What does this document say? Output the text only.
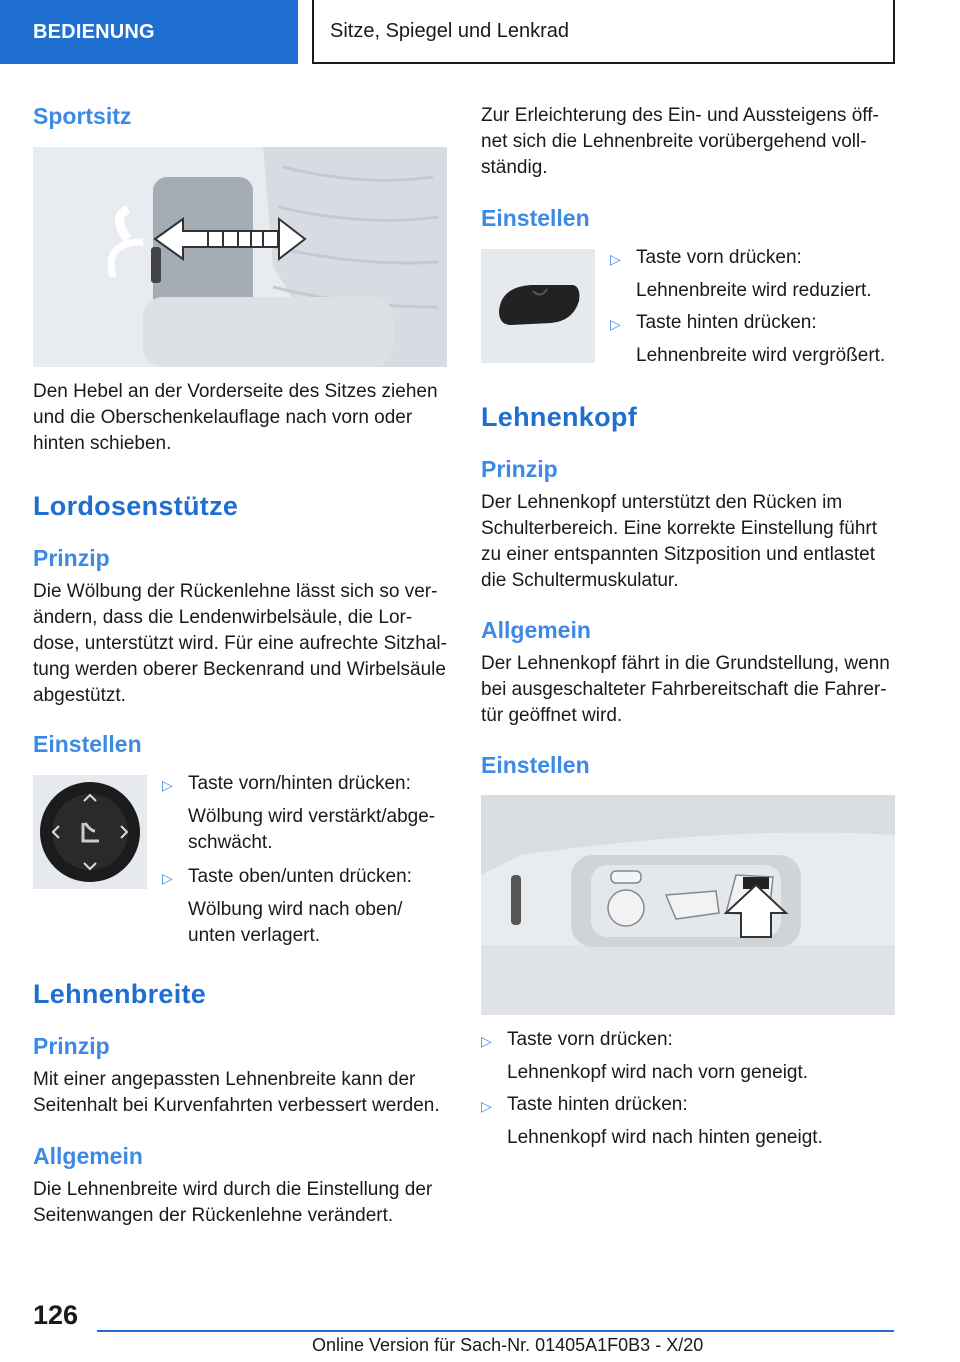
BEDIENUNG	Sitze, Spiegel und Lenkrad
Sportsitz

Den Hebel an der Vorderseite des Sitzes ziehen

und die Oberschenkelauflage nach vorn oder

hinten schieben.

Lordosenstütze
Prinzip

Die Wölbung der Rückenlehne lässt sich so ver-

ändern, dass die Lendenwirbelsäule, die Lor-

dose, unterstützt wird. Für eine aufrechte Sitzhal-

tung werden oberer Beckenrand und Wirbelsäule

abgestützt.

Einstellen
▷ Taste vorn/hinten drücken:
Wölbung wird verstärkt/abge-
schwächt.
▷ Taste oben/unten drücken:
Wölbung wird nach oben/
unten verlagert.
Lehnenbreite
Prinzip

Mit einer angepassten Lehnenbreite kann der

Seitenhalt bei Kurvenfahrten verbessert werden.

Allgemein

Die Lehnenbreite wird durch die Einstellung der

Seitenwangen der Rückenlehne verändert.

Zur Erleichterung des Ein- und Aussteigens öff-

net sich die Lehnenbreite vorübergehend voll-

ständig.

Einstellen
▷ Taste vorn drücken:
Lehnenbreite wird reduziert.
▷ Taste hinten drücken:
Lehnenbreite wird vergrößert.
Lehnenkopf
Prinzip

Der Lehnenkopf unterstützt den Rücken im

Schulterbereich. Eine korrekte Einstellung führt

zu einer entspannten Sitzposition und entlastet

die Schultermuskulatur.

Allgemein

Der Lehnenkopf fährt in die Grundstellung, wenn

bei ausgeschalteter Fahrbereitschaft die Fahrer-

tür geöffnet wird.

Einstellen
▷ Taste vorn drücken:
Lehnenkopf wird nach vorn geneigt.
▷ Taste hinten drücken:
Lehnenkopf wird nach hinten geneigt.
126
Online Version für Sach-Nr. 01405A1F0B3 - X/20
